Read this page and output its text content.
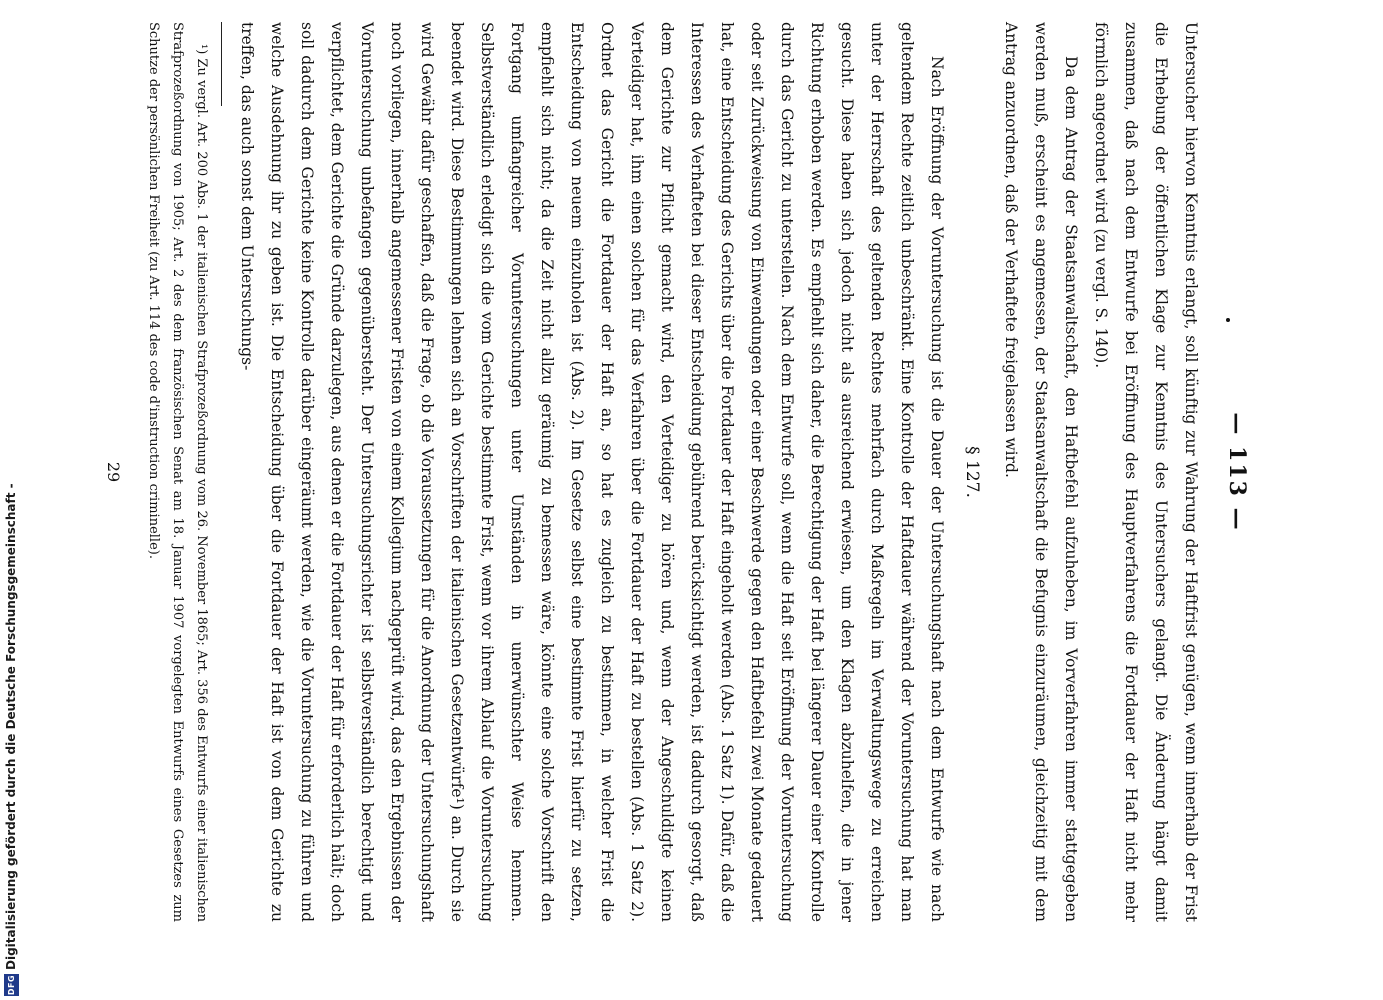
DFG
Digitalisierung gefördert durch die Deutsche Forschungsgemeinschaft -
— 113 —

Untersucher hiervon Kenntnis erlangt, soll künftig zur Wahrung der Haftfrist genügen, wenn innerhalb der Frist die Erhebung der öffentlichen Klage zur Kenntnis des Untersuchers gelangt. Die Änderung hängt damit zusammen, daß nach dem Entwurfe bei Eröffnung des Hauptverfahrens die Fortdauer der Haft nicht mehr förmlich angeordnet wird (zu vergl. S. 140).

Da dem Antrag der Staatsanwaltschaft, den Haftbefehl aufzuheben, im Vorverfahren immer stattgegeben werden muß, erscheint es angemessen, der Staatsanwaltschaft die Befugnis einzuräumen, gleichzeitig mit dem Antrag anzuordnen, daß der Verhaftete freigelassen wird.

§ 127.

Nach Eröffnung der Voruntersuchung ist die Dauer der Untersuchungshaft nach dem Entwurfe wie nach geltendem Rechte zeitlich unbeschränkt. Eine Kontrolle der Haftdauer während der Voruntersuchung hat man unter der Herrschaft des geltenden Rechtes mehrfach durch Maßregeln im Verwaltungswege zu erreichen gesucht. Diese haben sich jedoch nicht als ausreichend erwiesen, um den Klagen abzuhelfen, die in jener Richtung erhoben werden. Es empfiehlt sich daher, die Berechtigung der Haft bei längerer Dauer einer Kontrolle durch das Gericht zu unterstellen. Nach dem Entwurfe soll, wenn die Haft seit Eröffnung der Voruntersuchung oder seit Zurückweisung von Einwendungen oder einer Beschwerde gegen den Haftbefehl zwei Monate gedauert hat, eine Entscheidung des Gerichts über die Fortdauer der Haft eingeholt werden (Abs. 1 Satz 1). Dafür, daß die Interessen des Verhafteten bei dieser Entscheidung gebührend berücksichtigt werden, ist dadurch gesorgt, daß dem Gerichte zur Pflicht gemacht wird, den Verteidiger zu hören und, wenn der Angeschuldigte keinen Verteidiger hat, ihm einen solchen für das Verfahren über die Fortdauer der Haft zu bestellen (Abs. 1 Satz 2). Ordnet das Gericht die Fortdauer der Haft an, so hat es zugleich zu bestimmen, in welcher Frist die Entscheidung von neuem einzuholen ist (Abs. 2). Im Gesetze selbst eine bestimmte Frist hierfür zu setzen, empfiehlt sich nicht; da die Zeit nicht allzu geräumig zu bemessen wäre, könnte eine solche Vorschrift den Fortgang umfangreicher Voruntersuchungen unter Umständen in unerwünschter Weise hemmen. Selbstverständlich erledigt sich die vom Gerichte bestimmte Frist, wenn vor ihrem Ablauf die Voruntersuchung beendet wird. Diese Bestimmungen lehnen sich an Vorschriften der italienischen Gesetzentwürfe¹) an. Durch sie wird Gewähr dafür geschaffen, daß die Frage, ob die Voraussetzungen für die Anordnung der Untersuchungshaft noch vorliegen, innerhalb angemessener Fristen von einem Kollegium nachgeprüft wird, das den Ergebnissen der Voruntersuchung unbefangen gegenübersteht. Der Untersuchungsrichter ist selbstverständlich berechtigt und verpflichtet, dem Gerichte die Gründe darzulegen, aus denen er die Fortdauer der Haft für erforderlich hält; doch soll dadurch dem Gerichte keine Kontrolle darüber eingeräumt werden, wie die Voruntersuchung zu führen und welche Ausdehnung ihr zu geben ist. Die Entscheidung über die Fortdauer der Haft ist von dem Gerichte zu treffen, das auch sonst dem Untersuchungs-

¹) Zu vergl. Art. 200 Abs. 1 der italienischen Strafprozeßordnung vom 26. November 1865; Art. 356 des Entwurfs einer italienischen Strafprozeßordnung von 1905; Art. 2 des dem französischen Senat am 18. Januar 1907 vorgelegten Entwurfs eines Gesetzes zum Schutze der persönlichen Freiheit (zu Art. 114 des code d'instruction criminelle).

29
